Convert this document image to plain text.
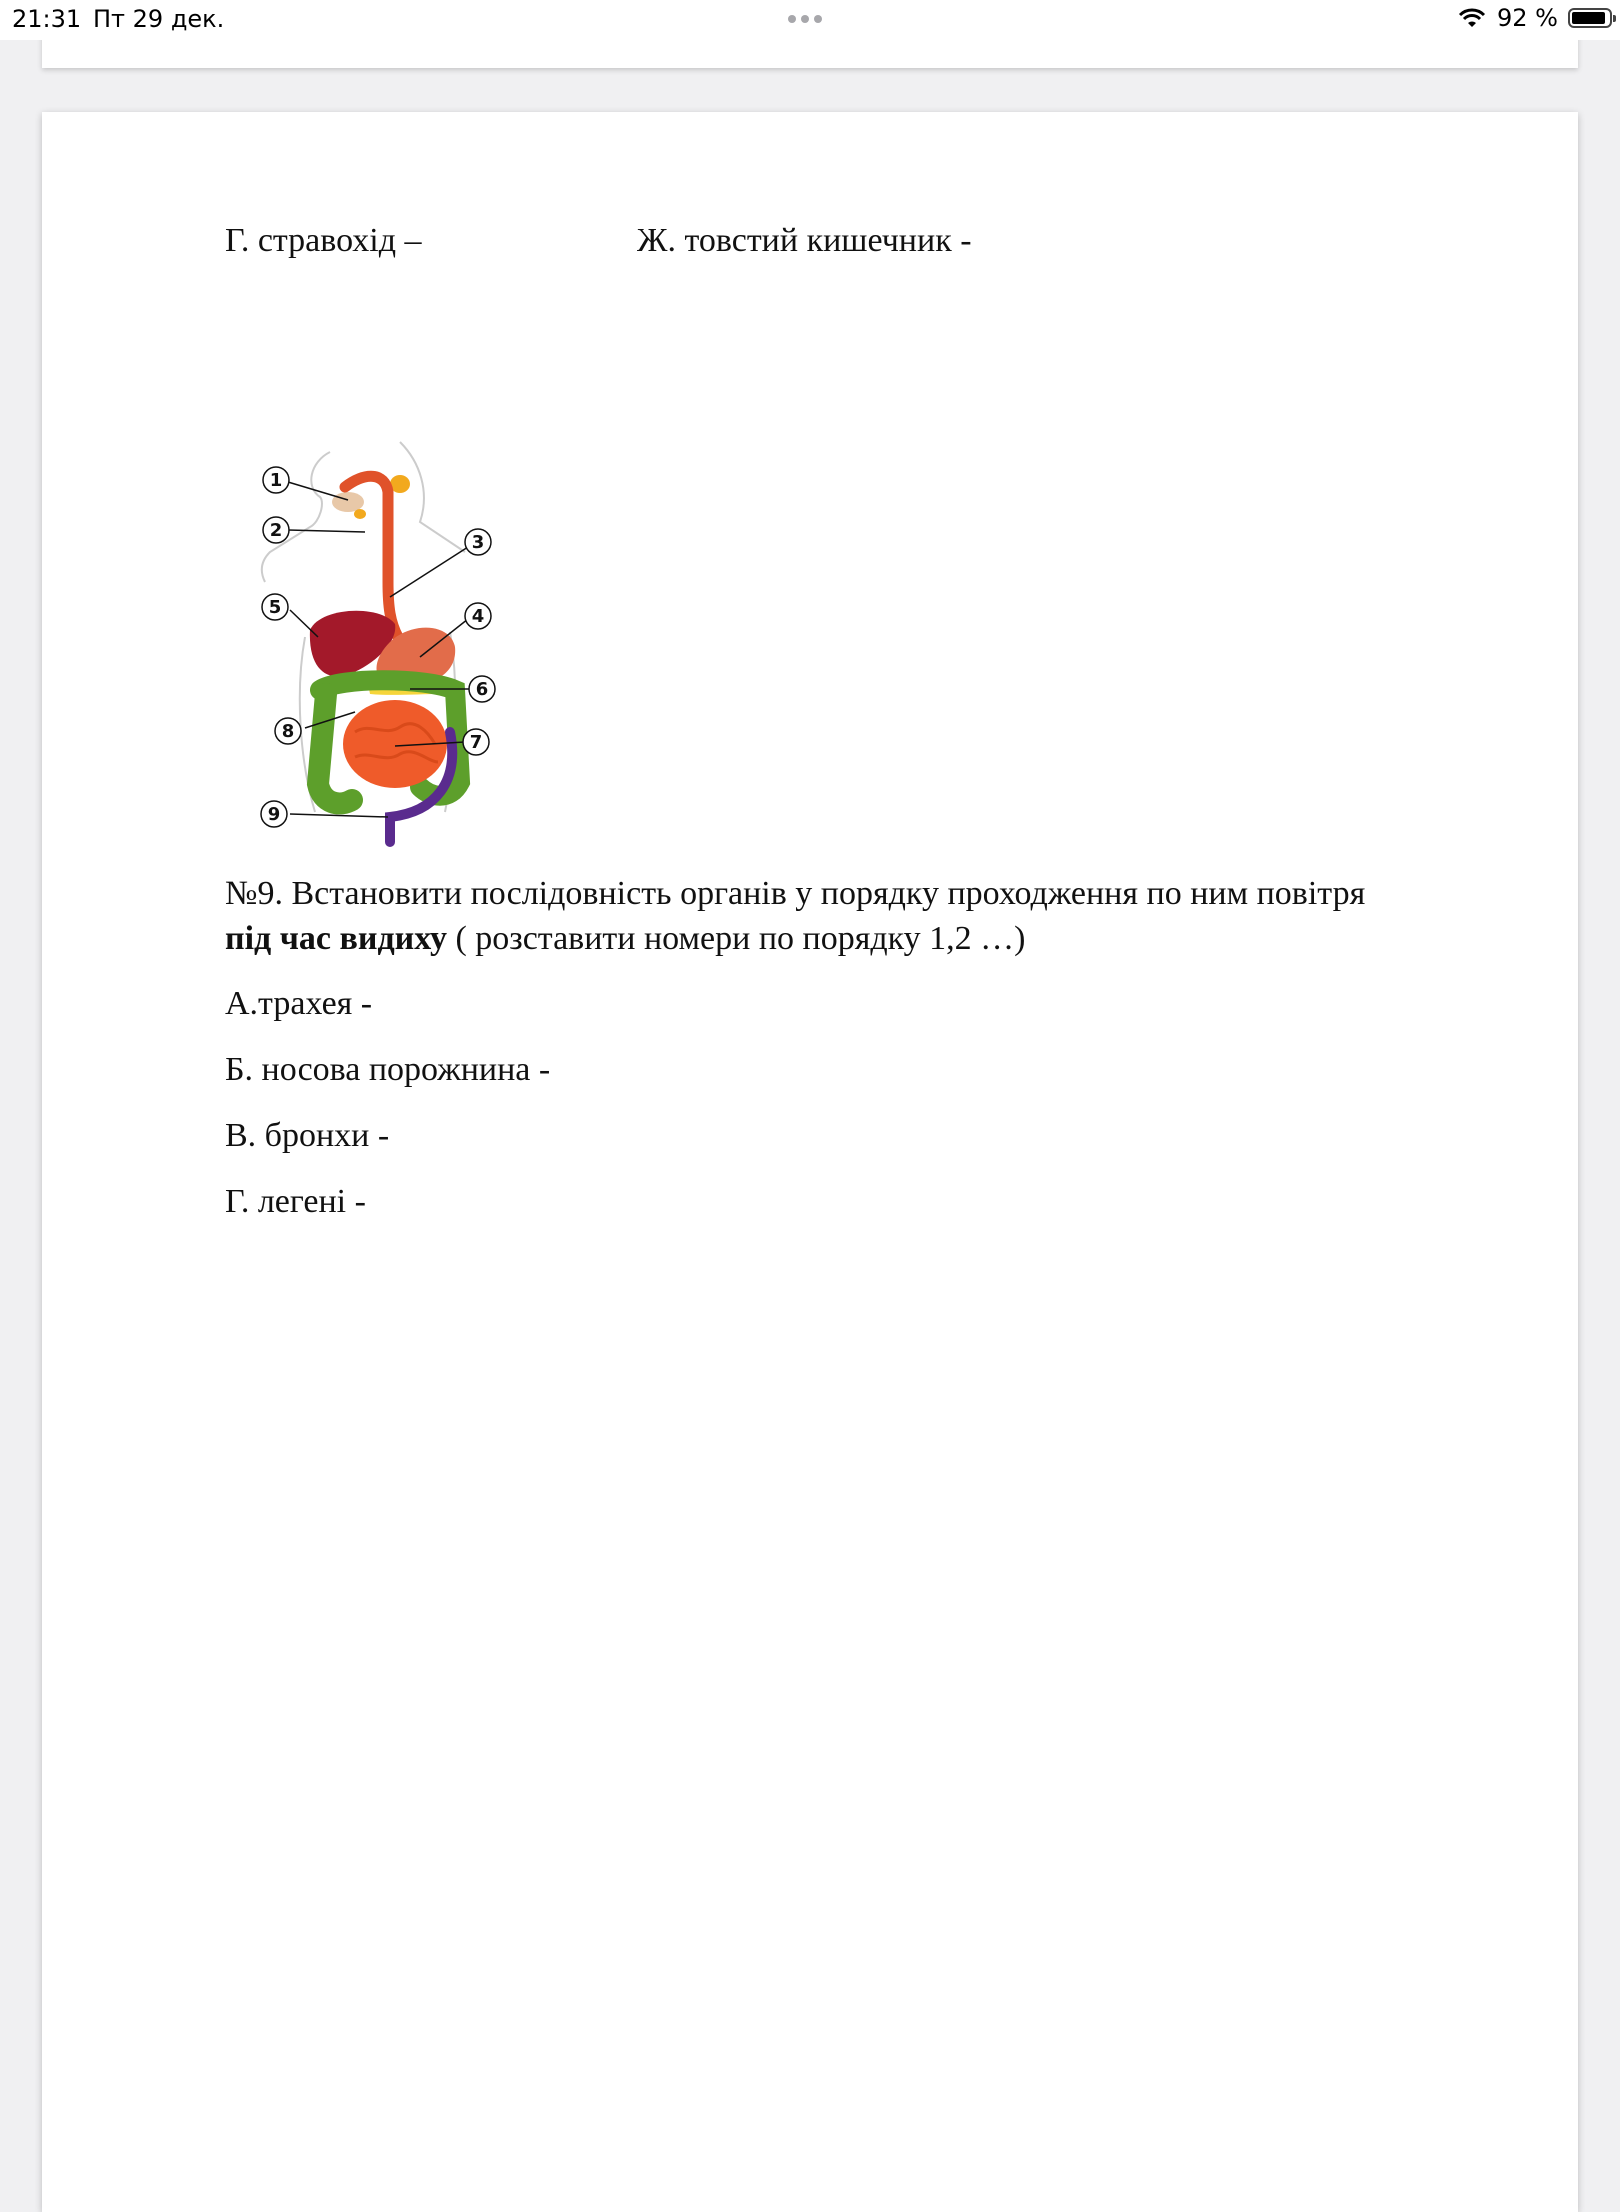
21:31 Пт 29 дек.	92 %
Г. стравохід –	Ж. товстий кишечник -
1
2
3
4
5
6
7
8
9
№9. Встановити послідовність органів у порядку проходження по ним повітря
під час видиху ( розставити номери по порядку 1,2 …)
А.трахея -
Б. носова порожнина -
В. бронхи -
Г. легені -
